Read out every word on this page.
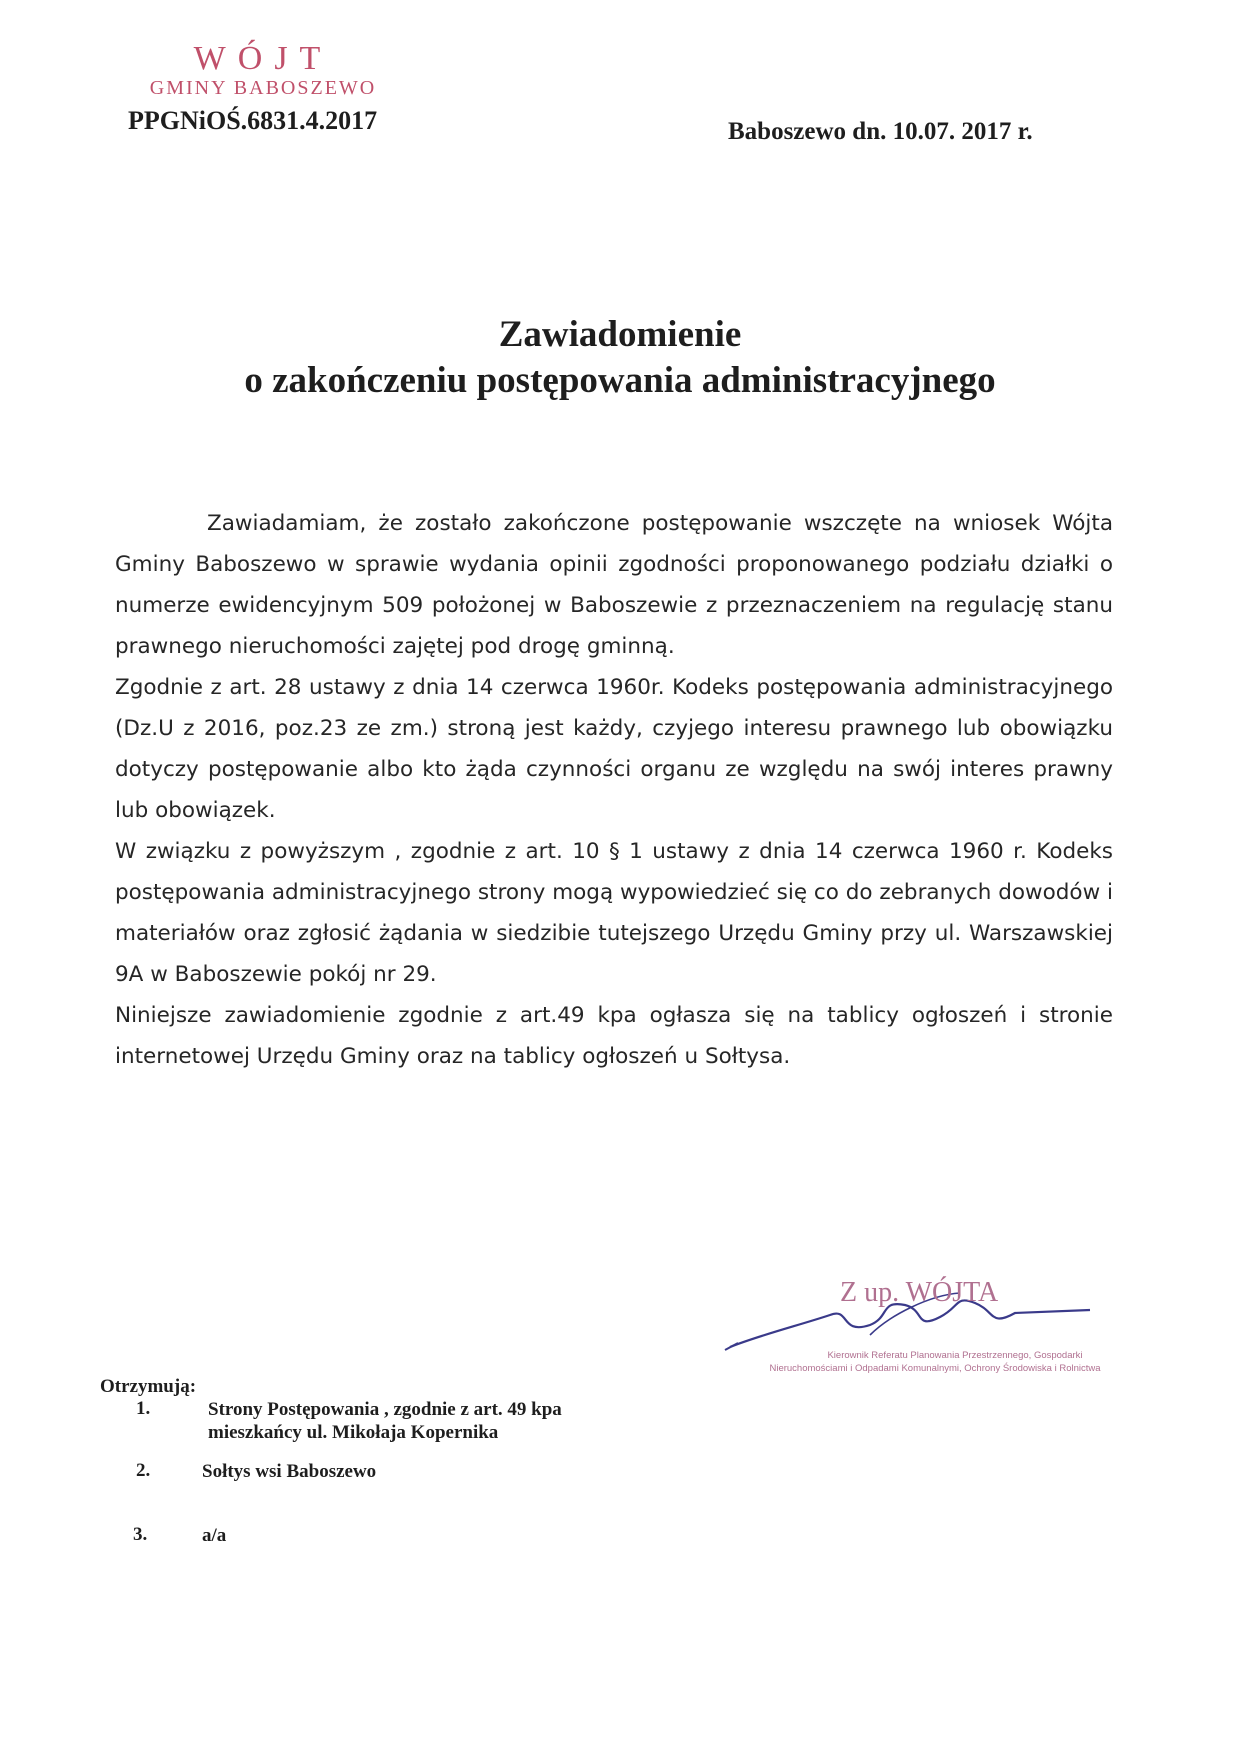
WÓJT
GMINY BABOSZEWO
PPGNiOŚ.6831.4.2017	Baboszewo dn. 10.07. 2017 r.
Zawiadomienie
o zakończeniu postępowania administracyjnego

Zawiadamiam, że zostało zakończone postępowanie wszczęte na wniosek Wójta Gminy Baboszewo w sprawie wydania opinii zgodności proponowanego podziału działki o numerze ewidencyjnym 509 położonej w Baboszewie z przeznaczeniem na regulację stanu prawnego nieruchomości zajętej pod drogę gminną.

Zgodnie z art. 28 ustawy z dnia 14 czerwca 1960r. Kodeks postępowania administracyjnego (Dz.U z 2016, poz.23 ze zm.) stroną jest każdy, czyjego interesu prawnego lub obowiązku dotyczy postępowanie albo kto żąda czynności organu ze względu na swój interes prawny lub obowiązek.

W związku z powyższym , zgodnie z art. 10 § 1 ustawy z dnia 14 czerwca 1960 r. Kodeks postępowania administracyjnego strony mogą wypowiedzieć się co do zebranych dowodów i materiałów oraz zgłosić żądania w siedzibie tutejszego Urzędu Gminy przy ul. Warszawskiej 9A w Baboszewie pokój nr 29.

Niniejsze zawiadomienie zgodnie z art.49 kpa ogłasza się na tablicy ogłoszeń i stronie internetowej Urzędu Gminy oraz na tablicy ogłoszeń u Sołtysa.

Z up. WÓJTA
Kierownik Referatu Planowania Przestrzennego, Gospodarki
Nieruchomościami i Odpadami Komunalnymi, Ochrony Środowiska i Rolnictwa
Otrzymują:
1.	Strony Postępowania , zgodnie z art. 49 kpa
mieszkańcy ul. Mikołaja Kopernika
2.	Sołtys wsi Baboszewo
3.	a/a
